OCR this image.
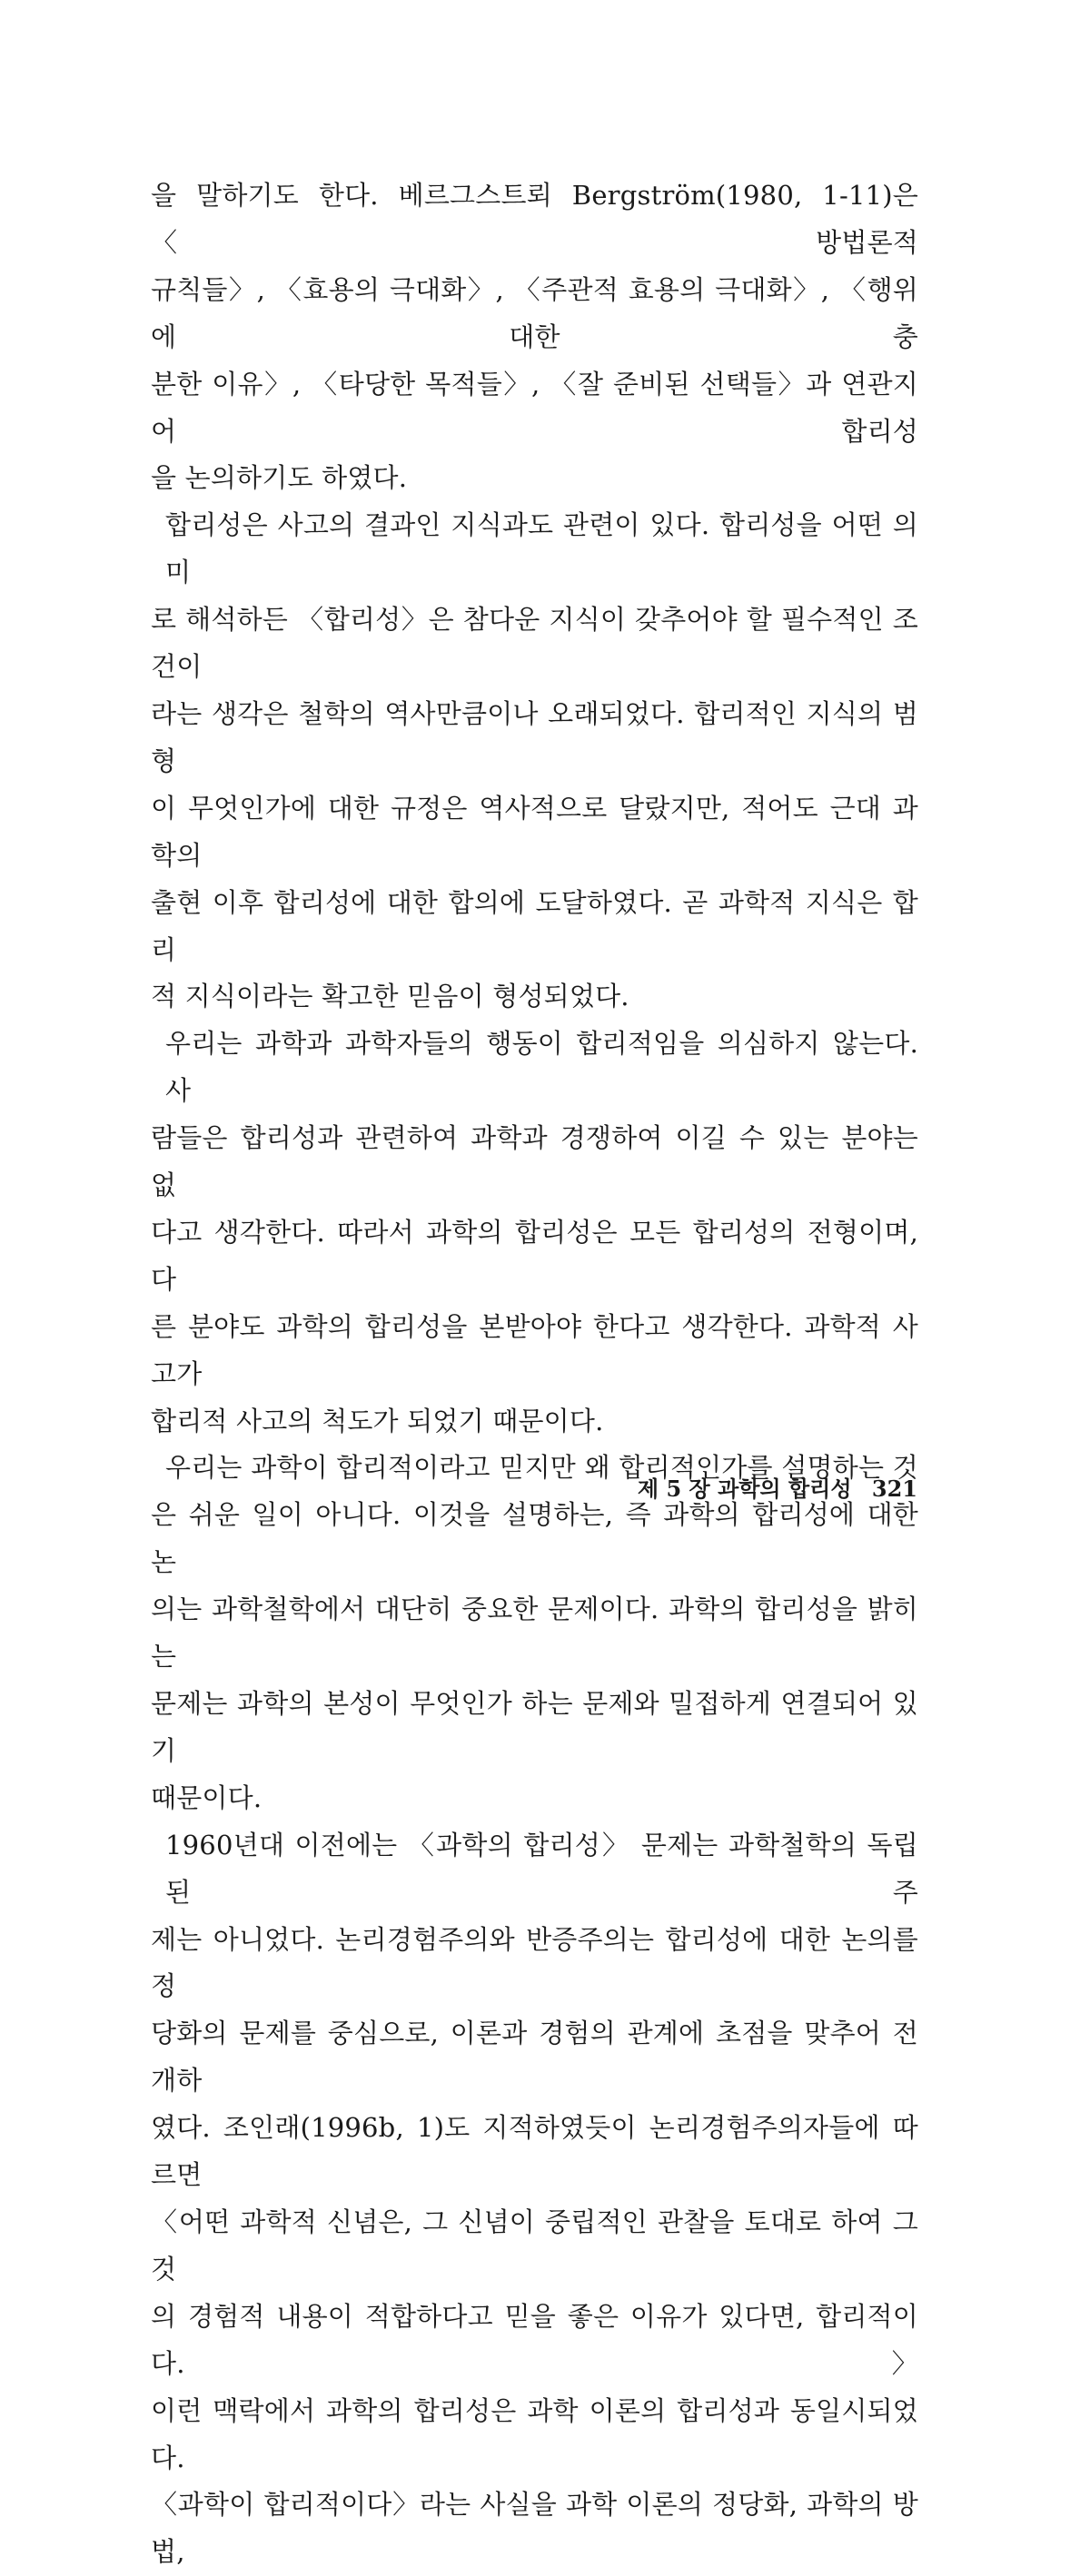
을 말하기도 한다. 베르그스트뢰 Bergström(1980, 1-11)은 〈방법론적
규칙들〉, 〈효용의 극대화〉, 〈주관적 효용의 극대화〉, 〈행위에 대한 충
분한 이유〉, 〈타당한 목적들〉, 〈잘 준비된 선택들〉과 연관지어 합리성
을 논의하기도 하였다.

합리성은 사고의 결과인 지식과도 관련이 있다. 합리성을 어떤 의미
로 해석하든 〈합리성〉은 참다운 지식이 갖추어야 할 필수적인 조건이
라는 생각은 철학의 역사만큼이나 오래되었다. 합리적인 지식의 범형
이 무엇인가에 대한 규정은 역사적으로 달랐지만, 적어도 근대 과학의
출현 이후 합리성에 대한 합의에 도달하였다. 곧 과학적 지식은 합리
적 지식이라는 확고한 믿음이 형성되었다.

우리는 과학과 과학자들의 행동이 합리적임을 의심하지 않는다. 사
람들은 합리성과 관련하여 과학과 경쟁하여 이길 수 있는 분야는 없
다고 생각한다. 따라서 과학의 합리성은 모든 합리성의 전형이며, 다
른 분야도 과학의 합리성을 본받아야 한다고 생각한다. 과학적 사고가
합리적 사고의 척도가 되었기 때문이다.

우리는 과학이 합리적이라고 믿지만 왜 합리적인가를 설명하는 것
은 쉬운 일이 아니다. 이것을 설명하는, 즉 과학의 합리성에 대한 논
의는 과학철학에서 대단히 중요한 문제이다. 과학의 합리성을 밝히는
문제는 과학의 본성이 무엇인가 하는 문제와 밀접하게 연결되어 있기
때문이다.

1960년대 이전에는 〈과학의 합리성〉 문제는 과학철학의 독립된 주
제는 아니었다. 논리경험주의와 반증주의는 합리성에 대한 논의를 정
당화의 문제를 중심으로, 이론과 경험의 관계에 초점을 맞추어 전개하
였다. 조인래(1996b, 1)도 지적하였듯이 논리경험주의자들에 따르면
〈어떤 과학적 신념은, 그 신념이 중립적인 관찰을 토대로 하여 그것
의 경험적 내용이 적합하다고 믿을 좋은 이유가 있다면, 합리적이다.〉
이런 맥락에서 과학의 합리성은 과학 이론의 합리성과 동일시되었다.
〈과학이 합리적이다〉라는 사실을 과학 이론의 정당화, 과학의 방법,

제 5 장 과학의 합리성 321
